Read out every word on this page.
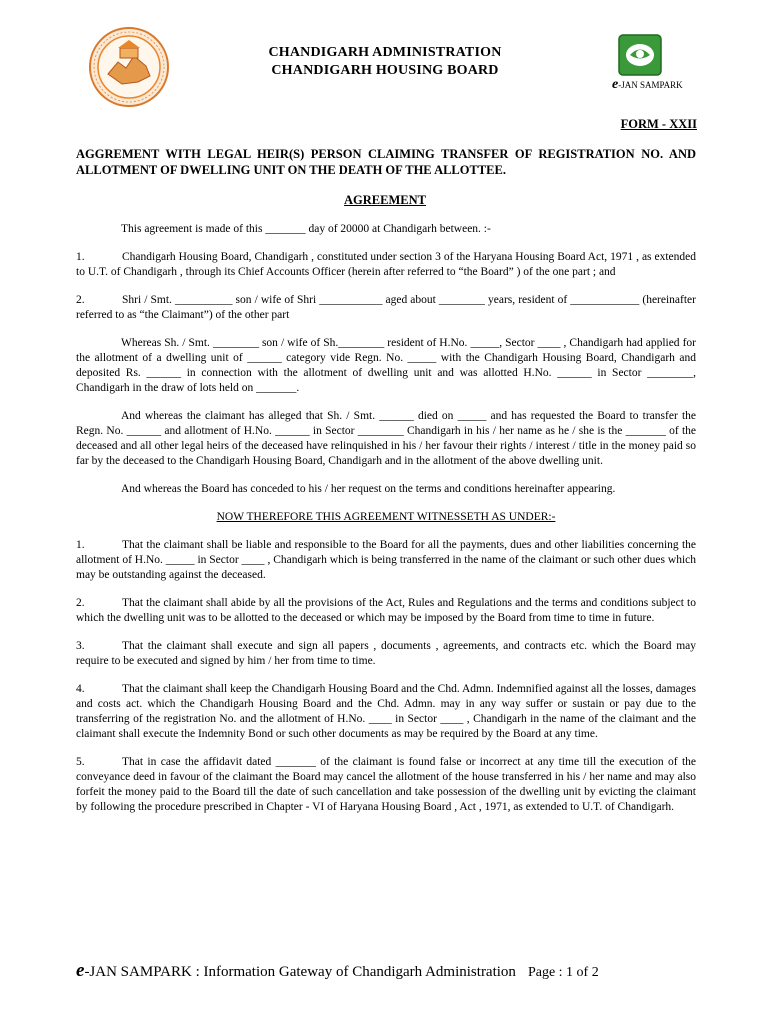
e-JAN SAMPARK
CHANDIGARH ADMINISTRATION
CHANDIGARH HOUSING BOARD
FORM - XXII
AGGREMENT WITH LEGAL HEIR(S) PERSON CLAIMING TRANSFER OF REGISTRATION NO. AND ALLOTMENT OF DWELLING UNIT ON THE DEATH OF THE ALLOTTEE.
AGREEMENT

This agreement is made of this _______ day of 20000 at Chandigarh between. :-

1.	Chandigarh Housing Board, Chandigarh , constituted under section 3 of the Haryana Housing Board Act, 1971 , as extended to U.T. of Chandigarh , through its Chief Accounts Officer (herein after referred to “the Board” ) of the one part ; and

2.	Shri / Smt. __________ son / wife of Shri ___________ aged about ________ years, resident of ____________ (hereinafter referred to as “the Claimant”) of the other part

Whereas Sh. / Smt. ________ son / wife of Sh.________ resident of H.No. _____, Sector ____ , Chandigarh had applied for the allotment of a dwelling unit of ______ category vide Regn. No. _____ with the Chandigarh Housing Board, Chandigarh and deposited Rs. ______ in connection with the allotment of dwelling unit and was allotted H.No. ______ in Sector ________, Chandigarh in the draw of lots held on _______.

And whereas the claimant has alleged that Sh. / Smt. ______ died on _____ and has requested the Board to transfer the Regn. No. ______ and allotment of H.No. ______ in Sector ________ Chandigarh in his / her name as he / she is the _______ of the deceased and all other legal heirs of the deceased have relinquished in his / her favour their rights / interest / title in the money paid so far by the deceased to the Chandigarh Housing Board, Chandigarh and in the allotment of the above dwelling unit.

And whereas the Board has conceded to his / her request on the terms and conditions hereinafter appearing.

NOW THEREFORE THIS AGREEMENT WITNESSETH AS UNDER:-

1.	That the claimant shall be liable and responsible to the Board for all the payments, dues and other liabilities concerning the allotment of H.No. _____ in Sector ____ , Chandigarh which is being transferred in the name of the claimant or such other dues which may be outstanding against the deceased.

2.	That the claimant shall abide by all the provisions of the Act, Rules and Regulations and the terms and conditions subject to which the dwelling unit was to be allotted to the deceased or which may be imposed by the Board from time to time in future.

3.	That the claimant shall execute and sign all papers , documents , agreements, and contracts etc. which the Board may require to be executed and signed by him / her from time to time.

4.	That the claimant shall keep the Chandigarh Housing Board and the Chd. Admn. Indemnified against all the losses, damages and costs act. which the Chandigarh Housing Board and the Chd. Admn. may in any way suffer or sustain or pay due to the transferring of the registration No. and the allotment of H.No. ____ in Sector ____ , Chandigarh in the name of the claimant and the claimant shall execute the Indemnity Bond or such other documents as may be required by the Board at any time.

5.	That in case the affidavit dated _______ of the claimant is found false or incorrect at any time till the execution of the conveyance deed in favour of the claimant the Board may cancel the allotment of the house transferred in his / her name and may also forfeit the money paid to the Board till the date of such cancellation and take possession of the dwelling unit by evicting the claimant by following the procedure prescribed in Chapter - VI of Haryana Housing Board , Act , 1971, as extended to U.T. of Chandigarh.

e-JAN SAMPARK : Information Gateway of Chandigarh Administration Page : 1 of 2
